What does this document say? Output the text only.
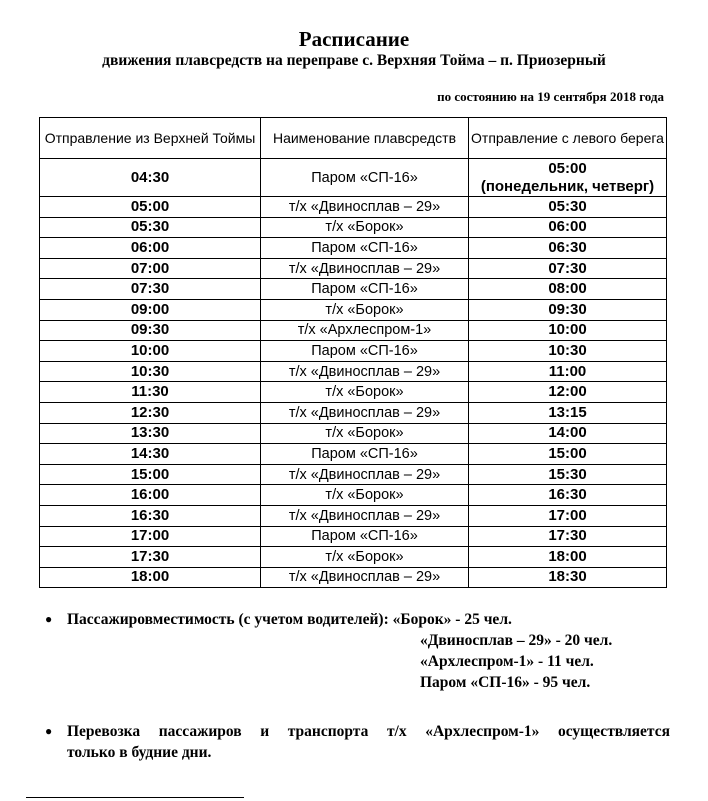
Расписание
движения плавсредств на переправе с. Верхняя Тойма – п. Приозерный
по состоянию на 19 сентября 2018 года
Отправление из Верхней Тоймы	Наименование плавсредств	Отправление с левого берега
04:30	Паром «СП-16»	05:00
(понедельник, четверг)

05:00	т/х «Двиносплав – 29»	05:30
05:30	т/х «Борок»	06:00
06:00	Паром «СП-16»	06:30
07:00	т/х «Двиносплав – 29»	07:30
07:30	Паром «СП-16»	08:00
09:00	т/х «Борок»	09:30
09:30	т/х «Архлеспром-1»	10:00
10:00	Паром «СП-16»	10:30
10:30	т/х «Двиносплав – 29»	11:00
11:30	т/х «Борок»	12:00
12:30	т/х «Двиносплав – 29»	13:15
13:30	т/х «Борок»	14:00
14:30	Паром «СП-16»	15:00
15:00	т/х «Двиносплав – 29»	15:30
16:00	т/х «Борок»	16:30
16:30	т/х «Двиносплав – 29»	17:00
17:00	Паром «СП-16»	17:30
17:30	т/х «Борок»	18:00
18:00	т/х «Двиносплав – 29»	18:30
● Пассажировместимость (с учетом водителей): «Борок» - 25 чел.
«Двиносплав – 29» - 20 чел.
«Архлеспром-1» - 11 чел.
Паром «СП-16» - 95 чел.
● Перевозка пассажиров и транспорта т/х «Архлеспром-1» осуществляется
только в будние дни.
